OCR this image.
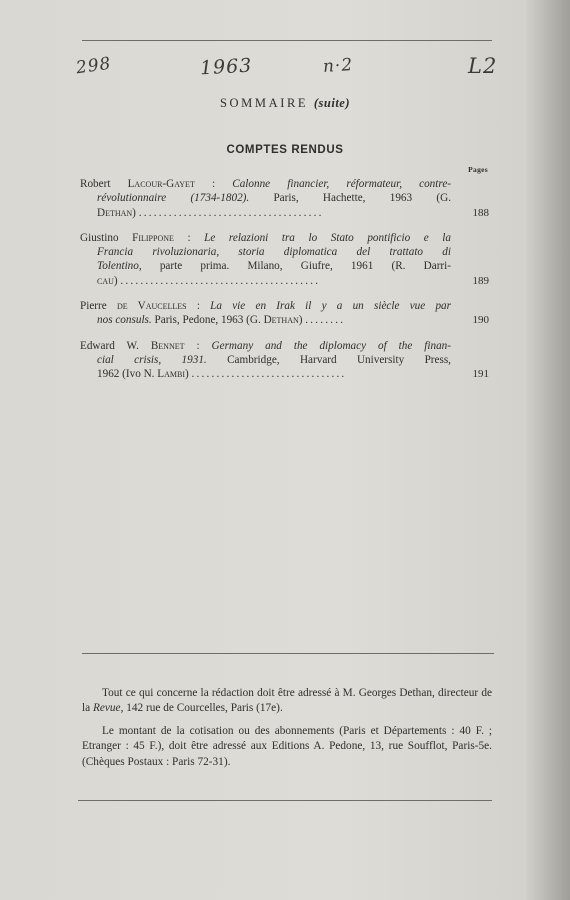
298	1963	n·2	L2
SOMMAIRE (suite)
COMPTES RENDUS
Pages
Robert Lacour-Gayet : Calonne financier, réformateur, contre-
révolutionnaire (1734-1802). Paris, Hachette, 1963 (G.
Dethan) .....................................	188
Giustino Filippone : Le relazioni tra lo Stato pontificio e la
Francia rivoluzionaria, storia diplomatica del trattato di
Tolentino, parte prima. Milano, Giufre, 1961 (R. Darri-
cau) ........................................	189
Pierre de Vaucelles : La vie en Irak il y a un siècle vue par
nos consuls. Paris, Pedone, 1963 (G. Dethan) ........	190
Edward W. Bennet : Germany and the diplomacy of the finan-
cial crisis, 1931. Cambridge, Harvard University Press,
1962 (Ivo N. Lambi) ...............................	191

Tout ce qui concerne la rédaction doit être adressé à M. Georges Dethan, directeur de la Revue, 142 rue de Courcelles, Paris (17e).

Le montant de la cotisation ou des abonnements (Paris et Départements : 40 F. ; Etranger : 45 F.), doit être adressé aux Editions A. Pedone, 13, rue Soufflot, Paris-5e. (Chèques Postaux : Paris 72-31).
